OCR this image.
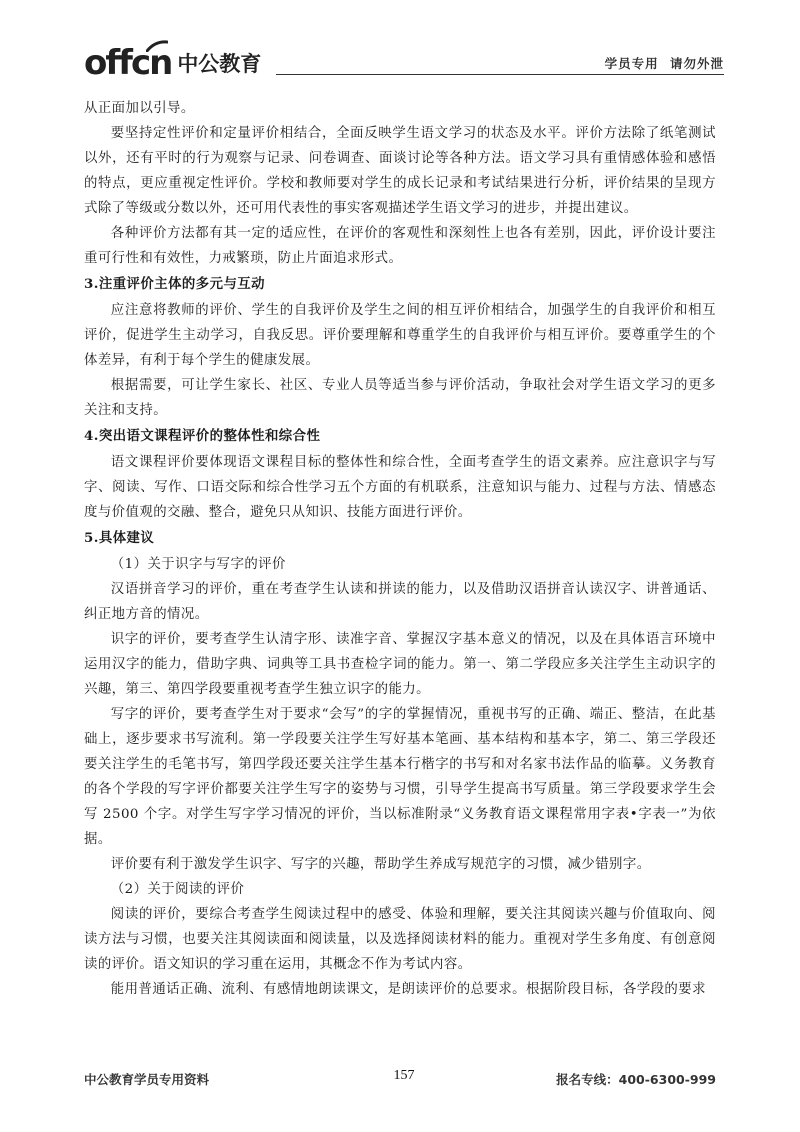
offcn 中公教育	学员专用 请勿外泄

从正面加以引导。

要坚持定性评价和定量评价相结合，全面反映学生语文学习的状态及水平。评价方法除了纸笔测试以外，还有平时的行为观察与记录、问卷调查、面谈讨论等各种方法。语文学习具有重情感体验和感悟的特点，更应重视定性评价。学校和教师要对学生的成长记录和考试结果进行分析，评价结果的呈现方式除了等级或分数以外，还可用代表性的事实客观描述学生语文学习的进步，并提出建议。

各种评价方法都有其一定的适应性，在评价的客观性和深刻性上也各有差别，因此，评价设计要注重可行性和有效性，力戒繁琐，防止片面追求形式。

3.注重评价主体的多元与互动

应注意将教师的评价、学生的自我评价及学生之间的相互评价相结合，加强学生的自我评价和相互评价，促进学生主动学习，自我反思。评价要理解和尊重学生的自我评价与相互评价。要尊重学生的个体差异，有利于每个学生的健康发展。

根据需要，可让学生家长、社区、专业人员等适当参与评价活动，争取社会对学生语文学习的更多关注和支持。

4.突出语文课程评价的整体性和综合性

语文课程评价要体现语文课程目标的整体性和综合性，全面考查学生的语文素养。应注意识字与写字、阅读、写作、口语交际和综合性学习五个方面的有机联系，注意知识与能力、过程与方法、情感态度与价值观的交融、整合，避免只从知识、技能方面进行评价。

5.具体建议

（1）关于识字与写字的评价

汉语拼音学习的评价，重在考查学生认读和拼读的能力，以及借助汉语拼音认读汉字、讲普通话、纠正地方音的情况。

识字的评价，要考查学生认清字形、读准字音、掌握汉字基本意义的情况，以及在具体语言环境中运用汉字的能力，借助字典、词典等工具书查检字词的能力。第一、第二学段应多关注学生主动识字的兴趣，第三、第四学段要重视考查学生独立识字的能力。

写字的评价，要考查学生对于要求“会写”的字的掌握情况，重视书写的正确、端正、整洁，在此基础上，逐步要求书写流利。第一学段要关注学生写好基本笔画、基本结构和基本字，第二、第三学段还要关注学生的毛笔书写，第四学段还要关注学生基本行楷字的书写和对名家书法作品的临摹。义务教育的各个学段的写字评价都要关注学生写字的姿势与习惯，引导学生提高书写质量。第三学段要求学生会写 2500 个字。对学生写字学习情况的评价，当以标准附录“义务教育语文课程常用字表•字表一”为依据。

评价要有利于激发学生识字、写字的兴趣，帮助学生养成写规范字的习惯，减少错别字。

（2）关于阅读的评价

阅读的评价，要综合考查学生阅读过程中的感受、体验和理解，要关注其阅读兴趣与价值取向、阅读方法与习惯，也要关注其阅读面和阅读量，以及选择阅读材料的能力。重视对学生多角度、有创意阅读的评价。语文知识的学习重在运用，其概念不作为考试内容。

能用普通话正确、流利、有感情地朗读课文，是朗读评价的总要求。根据阶段目标，各学段的要求

中公教育学员专用资料	157	报名专线：400-6300-999
